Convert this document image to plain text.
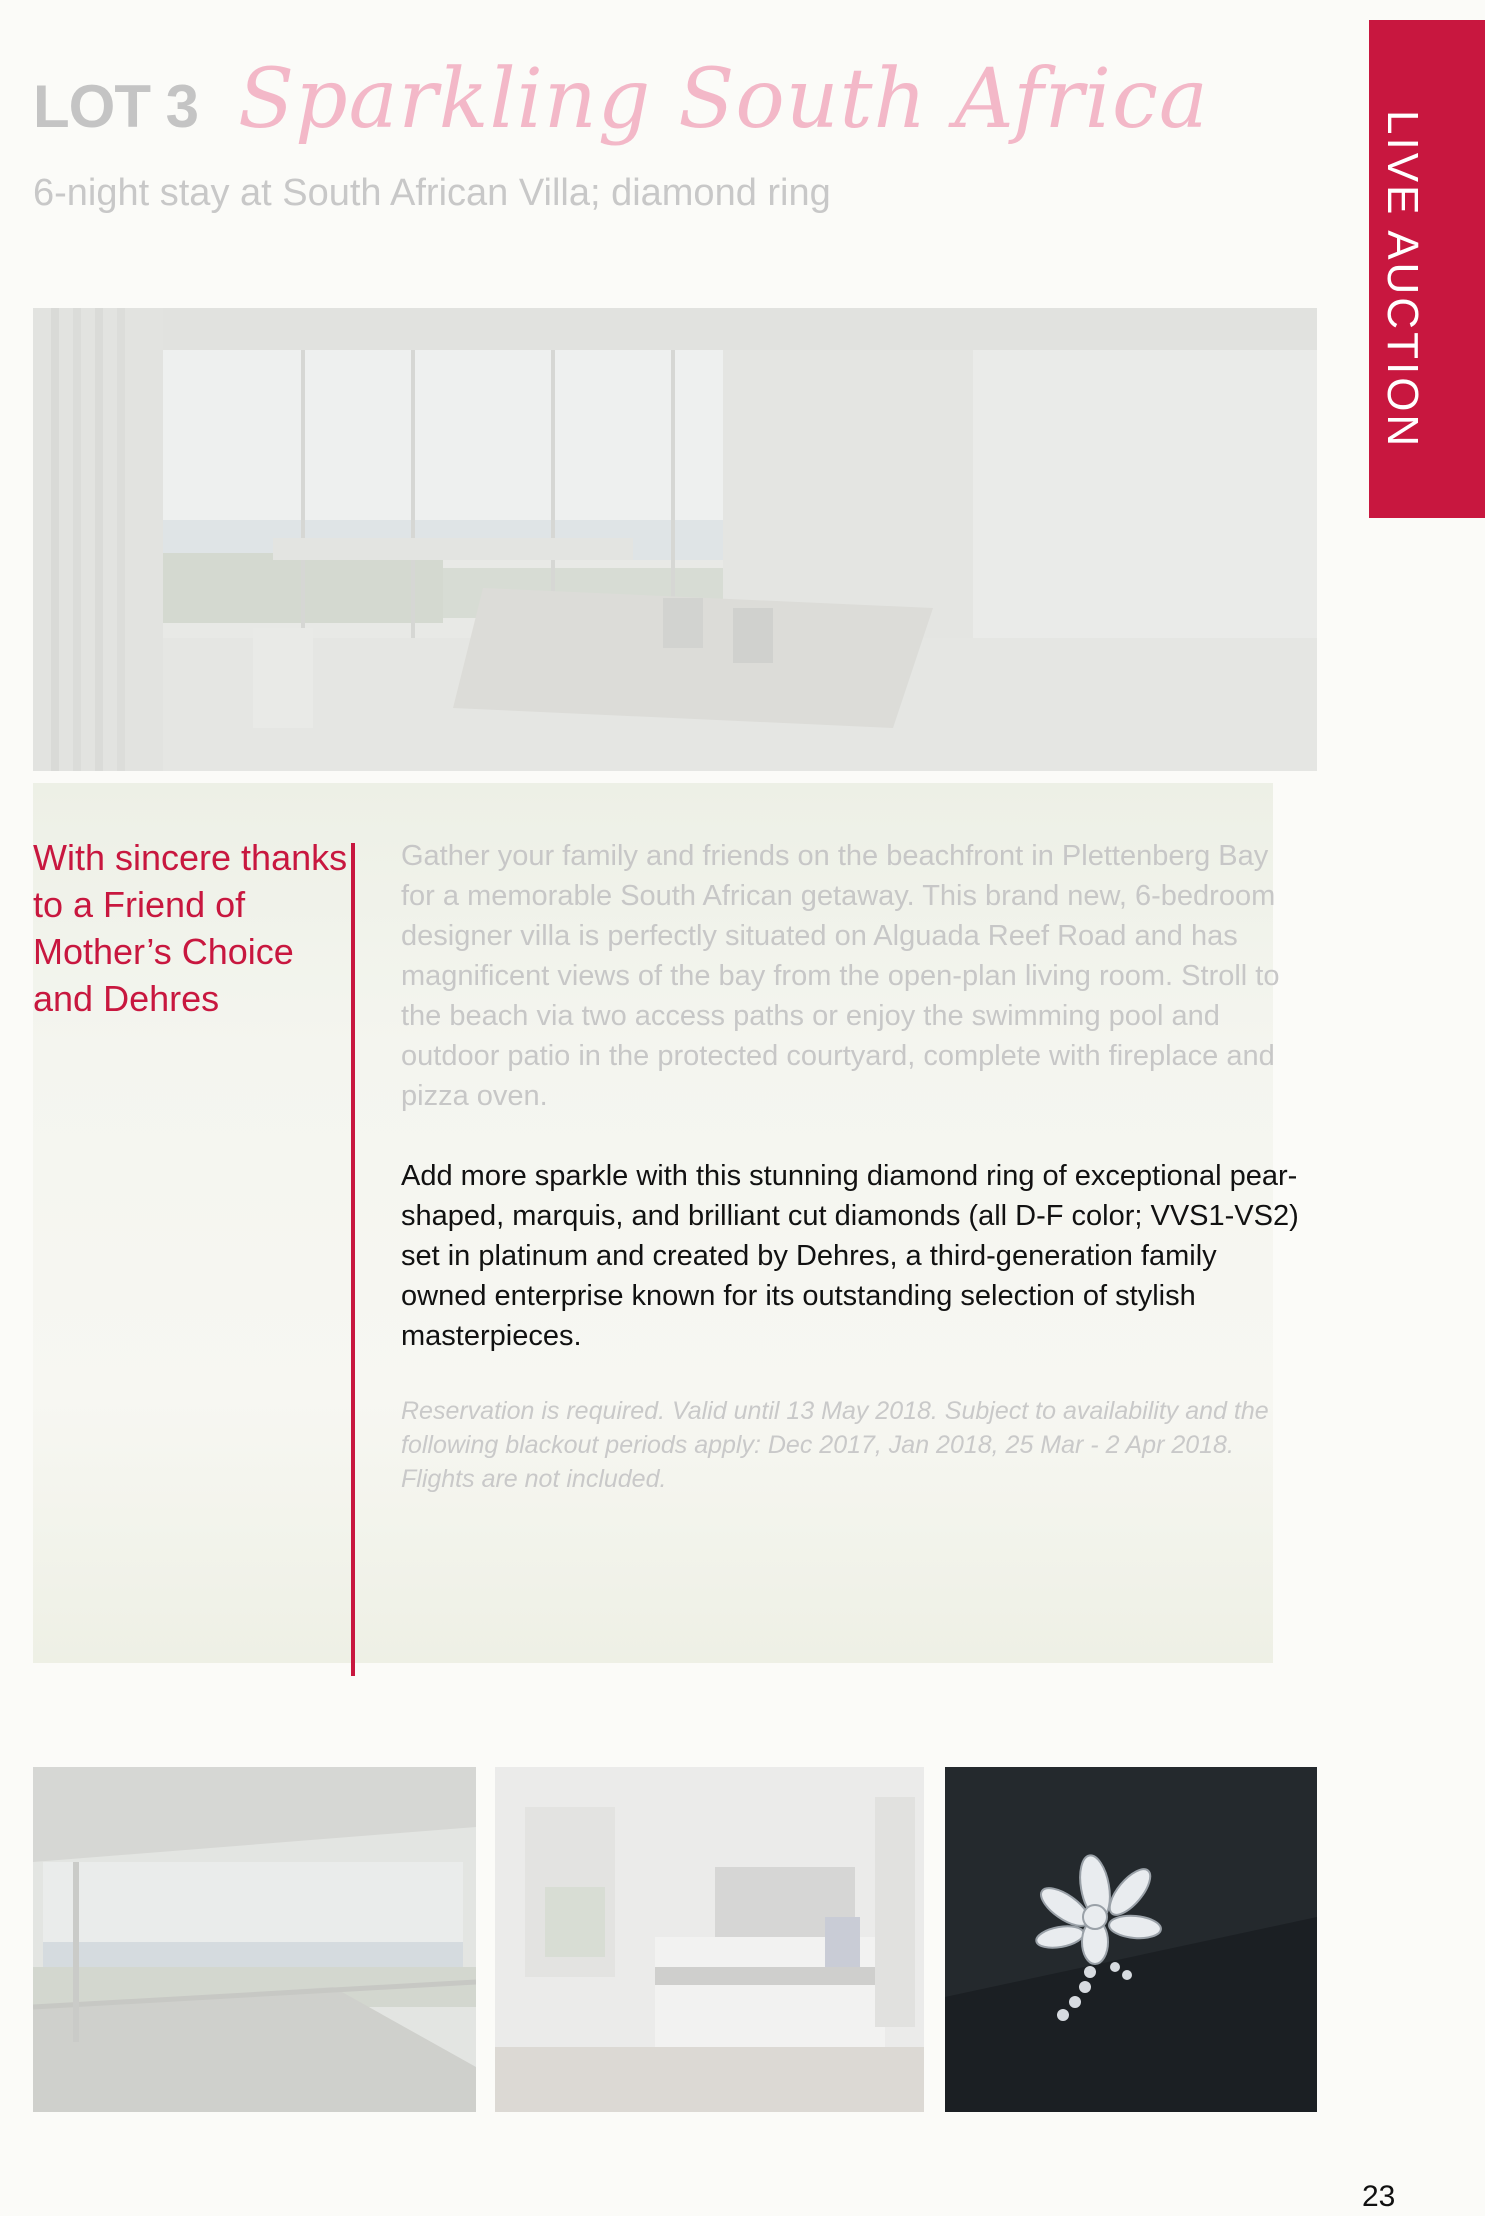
LOT 3 Sparkling South Africa
6-night stay at South African Villa; diamond ring	LIVE AUCTION
With sincere thanks to a Friend of Mother’s Choice and Dehres
Gather your family and friends on the beachfront in Plettenberg Bay for a memorable South African getaway. This brand new, 6-bedroom designer villa is perfectly situated on Alguada Reef Road and has magnificent views of the bay from the open-plan living room. Stroll to the beach via two access paths or enjoy the swimming pool and outdoor patio in the protected courtyard, complete with fireplace and pizza oven.
Add more sparkle with this stunning diamond ring of exceptional pear-shaped, marquis, and brilliant cut diamonds (all D-F color; VVS1-VS2) set in platinum and created by Dehres, a third-generation family owned enterprise known for its outstanding selection of stylish masterpieces.
Reservation is required. Valid until 13 May 2018. Subject to availability and the following blackout periods apply: Dec 2017, Jan 2018, 25 Mar - 2 Apr 2018. Flights are not included.
23
